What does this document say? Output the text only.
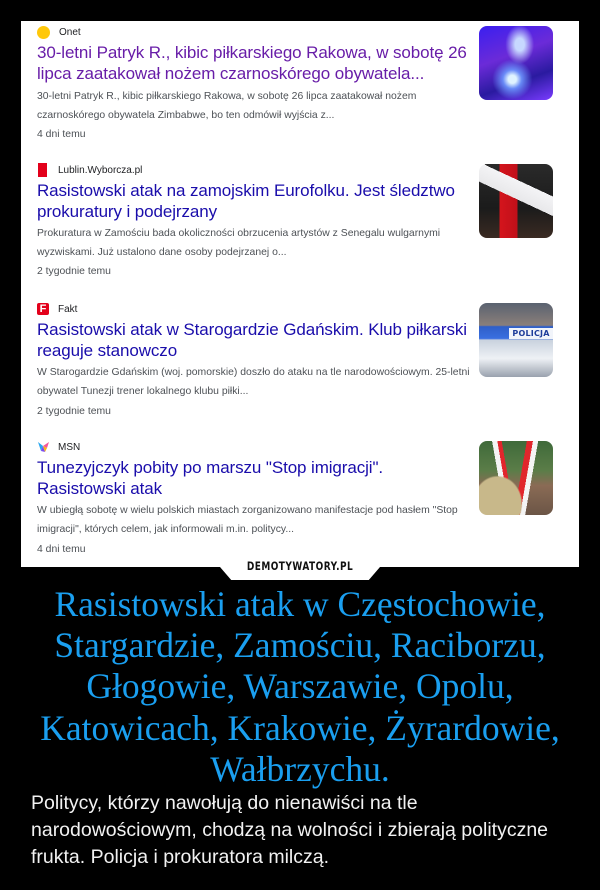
Onet
30-letni Patryk R., kibic piłkarskiego Rakowa, w sobotę 26 lipca zaatakował nożem czarnoskórego obywatela...
30-letni Patryk R., kibic piłkarskiego Rakowa, w sobotę 26 lipca zaatakował nożem czarnoskórego obywatela Zimbabwe, bo ten odmówił wyjścia z...
4 dni temu
Lublin.Wyborcza.pl
Rasistowski atak na zamojskim Eurofolku. Jest śledztwo prokuratury i podejrzany
Prokuratura w Zamościu bada okoliczności obrzucenia artystów z Senegalu wulgarnymi wyzwiskami. Już ustalono dane osoby podejrzanej o...
2 tygodnie temu
F Fakt
Rasistowski atak w Starogardzie Gdańskim. Klub piłkarski reaguje stanowczo
W Starogardzie Gdańskim (woj. pomorskie) doszło do ataku na tle narodowościowym. 25-letni obywatel Tunezji trener lokalnego klubu piłki...
2 tygodnie temu
POLICJA
MSN
Tunezyjczyk pobity po marszu "Stop imigracji". Rasistowski atak
W ubiegłą sobotę w wielu polskich miastach zorganizowano manifestacje pod hasłem "Stop imigracji", których celem, jak informowali m.in. politycy...
4 dni temu
DEMOTYWATORY.PL
Rasistowski atak w Częstochowie, Stargardzie, Zamościu, Raciborzu, Głogowie, Warszawie, Opolu, Katowicach, Krakowie, Żyrardowie, Wałbrzychu.
Politycy, którzy nawołują do nienawiści na tle narodowościowym, chodzą na wolności i zbierają polityczne frukta. Policja i prokuratora milczą.
